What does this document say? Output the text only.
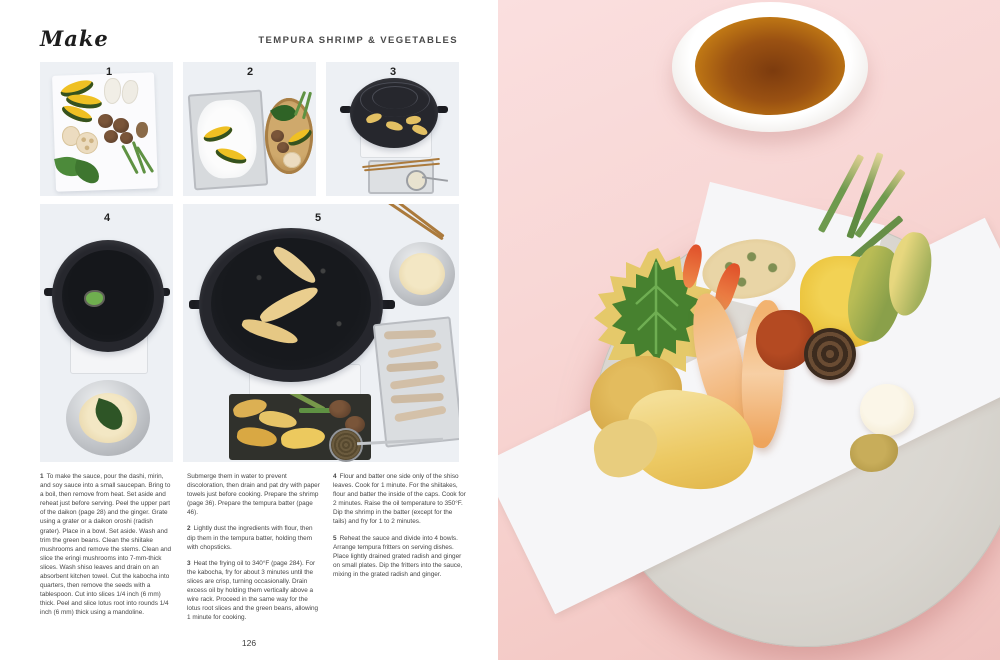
Make	TEMPURA SHRIMP & VEGETABLES
1	2	3
4	5

1 To make the sauce, pour the dashi, mirin, and soy sauce into a small saucepan. Bring to a boil, then remove from heat. Set aside and reheat just before serving. Peel the upper part of the daikon (page 28) and the ginger. Grate using a grater or a daikon oroshi (radish grater). Place in a bowl. Set aside. Wash and trim the green beans. Clean the shiitake mushrooms and remove the stems. Clean and slice the eringi mushrooms into 7-mm-thick slices. Wash shiso leaves and drain on an absorbent kitchen towel. Cut the kabocha into quarters, then remove the seeds with a tablespoon. Cut into slices 1/4 inch (6 mm) thick. Peel and slice lotus root into rounds 1/4 inch (6 mm) thick using a mandoline.

Submerge them in water to prevent discoloration, then drain and pat dry with paper towels just before cooking. Prepare the shrimp (page 36). Prepare the tempura batter (page 46).

2 Lightly dust the ingredients with flour, then dip them in the tempura batter, holding them with chopsticks.

3 Heat the frying oil to 340°F (page 284). For the kabocha, fry for about 3 minutes until the slices are crisp, turning occasionally. Drain excess oil by holding them vertically above a wire rack. Proceed in the same way for the lotus root slices and the green beans, allowing 1 minute for cooking.

4 Flour and batter one side only of the shiso leaves. Cook for 1 minute. For the shiitakes, flour and batter the inside of the caps. Cook for 2 minutes. Raise the oil temperature to 350°F. Dip the shrimp in the batter (except for the tails) and fry for 1 to 2 minutes.

5 Reheat the sauce and divide into 4 bowls. Arrange tempura fritters on serving dishes. Place lightly drained grated radish and ginger on small plates. Dip the fritters into the sauce, mixing in the grated radish and ginger.

126
